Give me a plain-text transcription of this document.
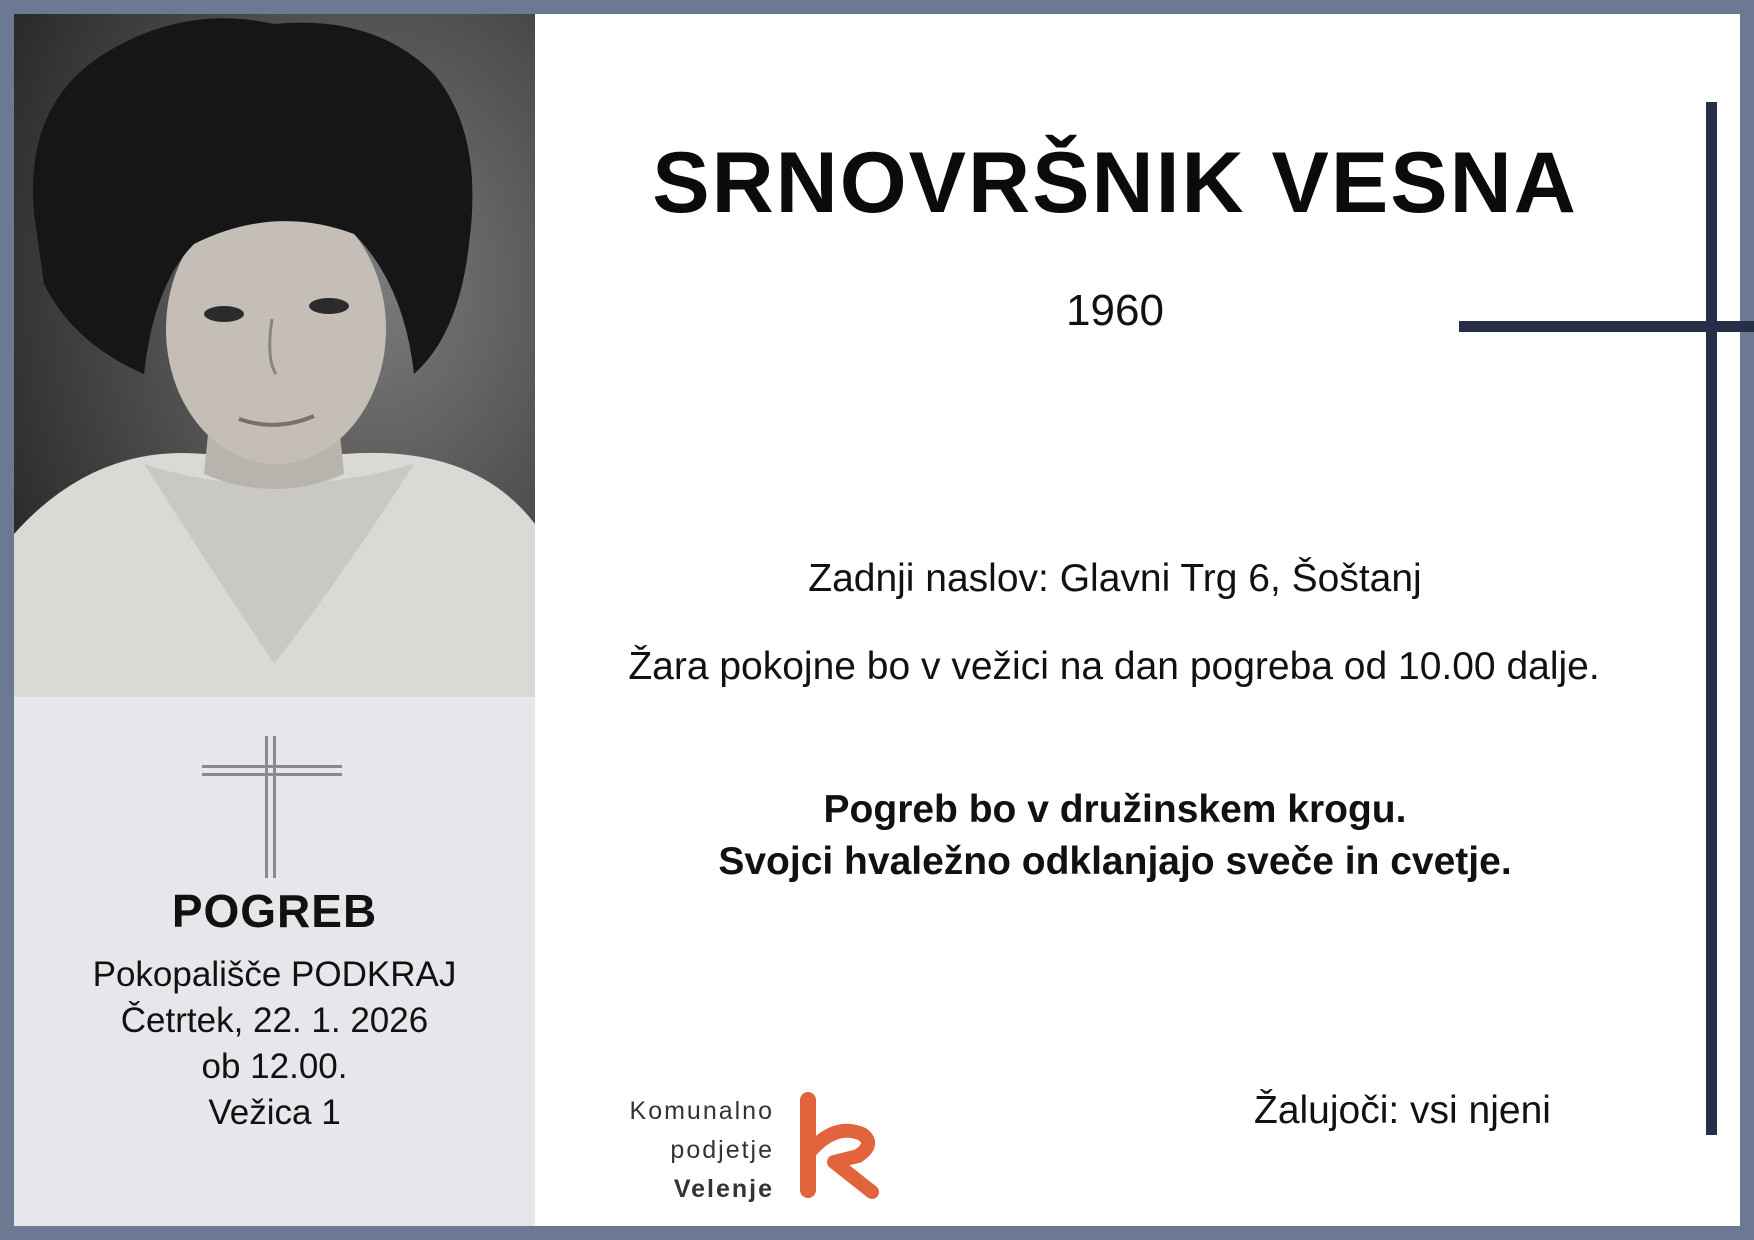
POGREB
Pokopališče PODKRAJ
Četrtek, 22. 1. 2026
ob 12.00.
Vežica 1
SRNOVRŠNIK VESNA
1960
Zadnji naslov: Glavni Trg 6, Šoštanj
Žara pokojne bo v vežici na dan pogreba od 10.00 dalje.
Pogreb bo v družinskem krogu.
Svojci hvaležno odklanjajo sveče in cvetje.
Komunalno
podjetje
Velenje
Žalujoči: vsi njeni
